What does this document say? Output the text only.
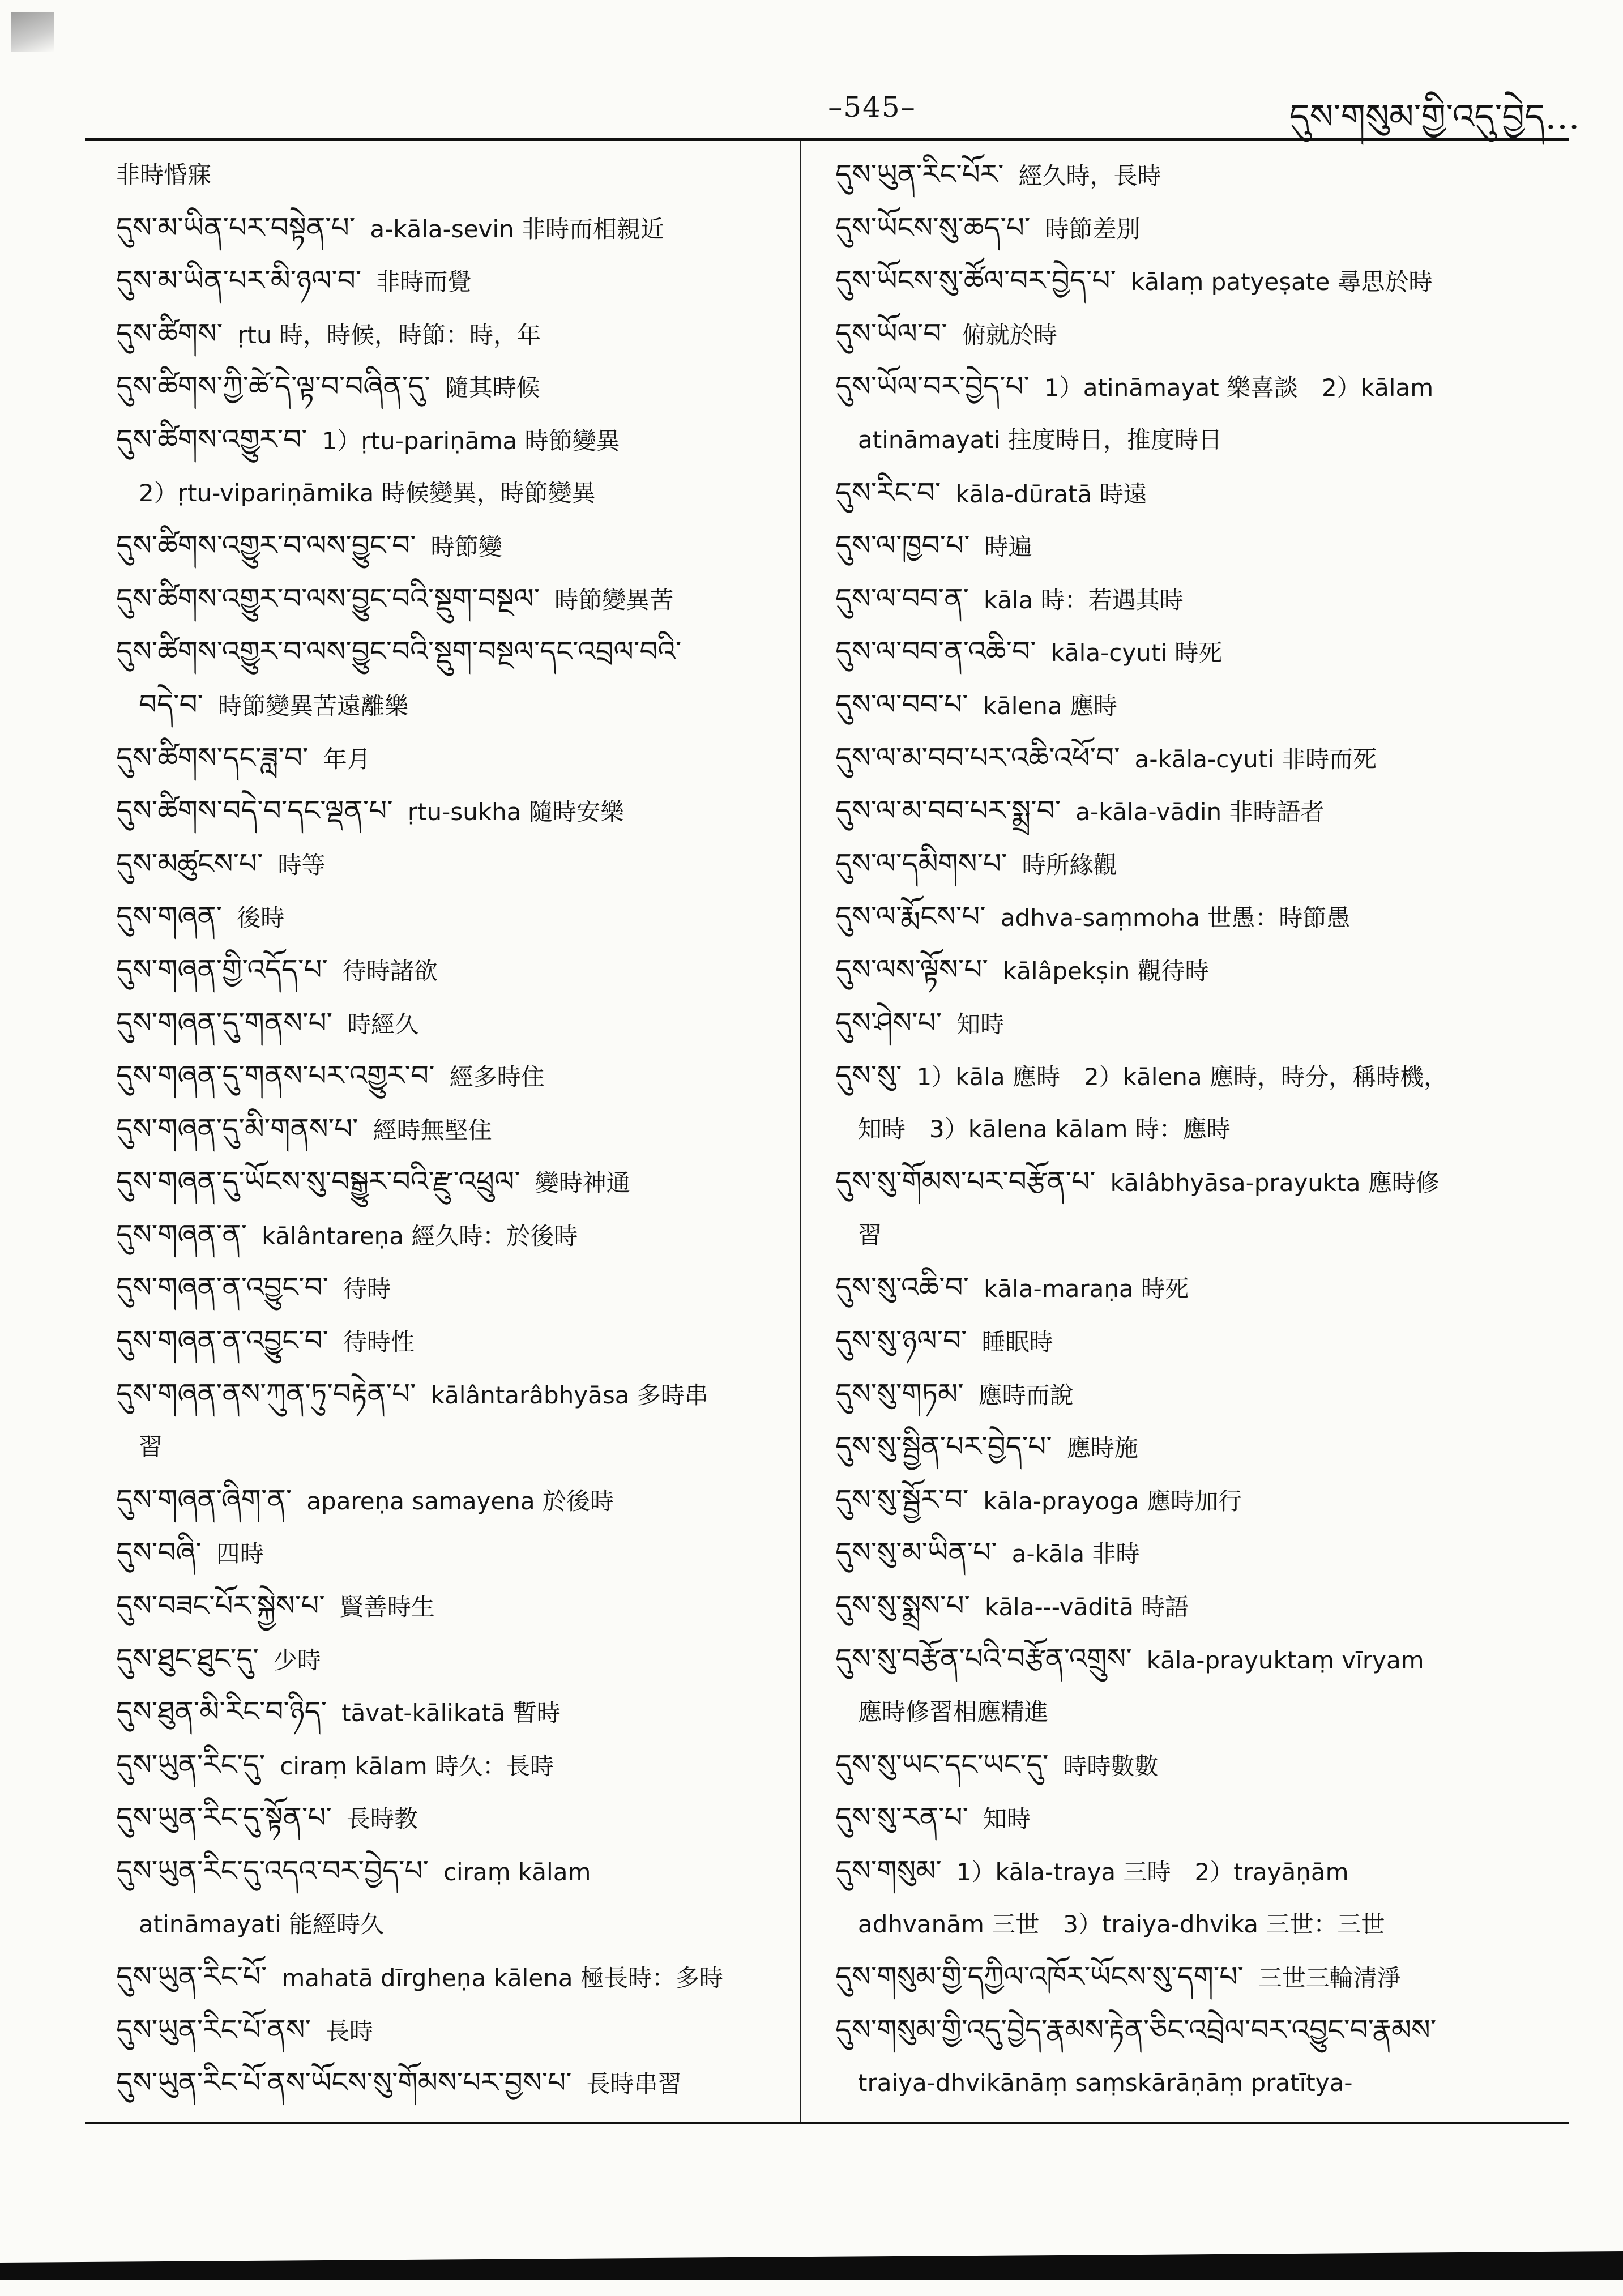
–545–	དུས་གསུམ་གྱི་འདུ་བྱེད…
非時惛寐
དུས་མ་ཡིན་པར་བསྟེན་པ་ a-kāla-sevin 非時而相親近
དུས་མ་ཡིན་པར་མི་ཉལ་བ་ 非時而覺
དུས་ཚིགས་ ṛtu 時，時候，時節：時，年
དུས་ཚིགས་ཀྱི་ཚེ་དེ་ལྟ་བ་བཞིན་དུ་ 隨其時候
དུས་ཚིགས་འགྱུར་བ་ 1）ṛtu-pariṇāma 時節變異
2）ṛtu-vipariṇāmika 時候變異，時節變異
དུས་ཚིགས་འགྱུར་བ་ལས་བྱུང་བ་ 時節變
དུས་ཚིགས་འགྱུར་བ་ལས་བྱུང་བའི་སྡུག་བསྔལ་ 時節變異苦
དུས་ཚིགས་འགྱུར་བ་ལས་བྱུང་བའི་སྡུག་བསྔལ་དང་འབྲལ་བའི་
བདེ་བ་ 時節變異苦遠離樂
དུས་ཚིགས་དང་ཟླ་བ་ 年月
དུས་ཚིགས་བདེ་བ་དང་ལྡན་པ་ ṛtu-sukha 隨時安樂
དུས་མཚུངས་པ་ 時等
དུས་གཞན་ 後時
དུས་གཞན་གྱི་འདོད་པ་ 待時諸欲
དུས་གཞན་དུ་གནས་པ་ 時經久
དུས་གཞན་དུ་གནས་པར་འགྱུར་བ་ 經多時住
དུས་གཞན་དུ་མི་གནས་པ་ 經時無堅住
དུས་གཞན་དུ་ཡོངས་སུ་བསྒྱུར་བའི་རྫུ་འཕྲུལ་ 變時神通
དུས་གཞན་ན་ kālântareṇa 經久時：於後時
དུས་གཞན་ན་འབྱུང་བ་ 待時
དུས་གཞན་ན་འབྱུང་བ་ 待時性
དུས་གཞན་ནས་ཀུན་ཏུ་བརྟེན་པ་ kālântarâbhyāsa 多時串
習
དུས་གཞན་ཞིག་ན་ apareṇa samayena 於後時
དུས་བཞི་ 四時
དུས་བཟང་པོར་སྐྱེས་པ་ 賢善時生
དུས་ཐུང་ཐུང་དུ་ 少時
དུས་ཐུན་མི་རིང་བ་ཉིད་ tāvat-kālikatā 暫時
དུས་ཡུན་རིང་དུ་ ciraṃ kālam 時久：長時
དུས་ཡུན་རིང་དུ་སྟོན་པ་ 長時教
དུས་ཡུན་རིང་དུ་འདའ་བར་བྱེད་པ་ ciraṃ kālam
atināmayati 能經時久
དུས་ཡུན་རིང་པོ་ mahatā dīrgheṇa kālena 極長時：多時
དུས་ཡུན་རིང་པོ་ནས་ 長時
དུས་ཡུན་རིང་པོ་ནས་ཡོངས་སུ་གོམས་པར་བྱས་པ་ 長時串習
དུས་ཡུན་རིང་པོར་ 經久時，長時
དུས་ཡོངས་སུ་ཆད་པ་ 時節差別
དུས་ཡོངས་སུ་ཚོལ་བར་བྱེད་པ་ kālaṃ patyeṣate 尋思於時
དུས་ཡོལ་བ་ 俯就於時
དུས་ཡོལ་བར་བྱེད་པ་ 1）atināmayat 樂喜談　2）kālam
atināmayati 拄度時日，推度時日
དུས་རིང་བ་ kāla-dūratā 時遠
དུས་ལ་ཁྱབ་པ་ 時遍
དུས་ལ་བབ་ན་ kāla 時：若遇其時
དུས་ལ་བབ་ན་འཆི་བ་ kāla-cyuti 時死
དུས་ལ་བབ་པ་ kālena 應時
དུས་ལ་མ་བབ་པར་འཆི་འཕོ་བ་ a-kāla-cyuti 非時而死
དུས་ལ་མ་བབ་པར་སྨྲ་བ་ a-kāla-vādin 非時語者
དུས་ལ་དམིགས་པ་ 時所緣觀
དུས་ལ་རྨོངས་པ་ adhva-saṃmoha 世愚：時節愚
དུས་ལས་ལྟོས་པ་ kālâpekṣin 觀待時
དུས་ཤེས་པ་ 知時
དུས་སུ་ 1）kāla 應時　2）kālena 應時，時分，稱時機，
知時　3）kālena kālam 時：應時
དུས་སུ་གོམས་པར་བརྩོན་པ་ kālâbhyāsa-prayukta 應時修
習
དུས་སུ་འཆི་བ་ kāla-maraṇa 時死
དུས་སུ་ཉལ་བ་ 睡眠時
དུས་སུ་གཏམ་ 應時而說
དུས་སུ་སྦྱིན་པར་བྱེད་པ་ 應時施
དུས་སུ་སྦྱོར་བ་ kāla-prayoga 應時加行
དུས་སུ་མ་ཡིན་པ་ a-kāla 非時
དུས་སུ་སྨྲས་པ་ kāla---vāditā 時語
དུས་སུ་བརྩོན་པའི་བརྩོན་འགྲུས་ kāla-prayuktaṃ vīryam
應時修習相應精進
དུས་སུ་ཡང་དང་ཡང་དུ་ 時時數數
དུས་སུ་རན་པ་ 知時
དུས་གསུམ་ 1）kāla-traya 三時　2）trayāṇām
adhvanām 三世　3）traiya-dhvika 三世：三世
དུས་གསུམ་གྱི་དཀྱིལ་འཁོར་ཡོངས་སུ་དག་པ་ 三世三輪清淨
དུས་གསུམ་གྱི་འདུ་བྱེད་རྣམས་རྟེན་ཅིང་འབྲེལ་བར་འབྱུང་བ་རྣམས་
traiya-dhvikānāṃ saṃskārāṇāṃ pratītya-
